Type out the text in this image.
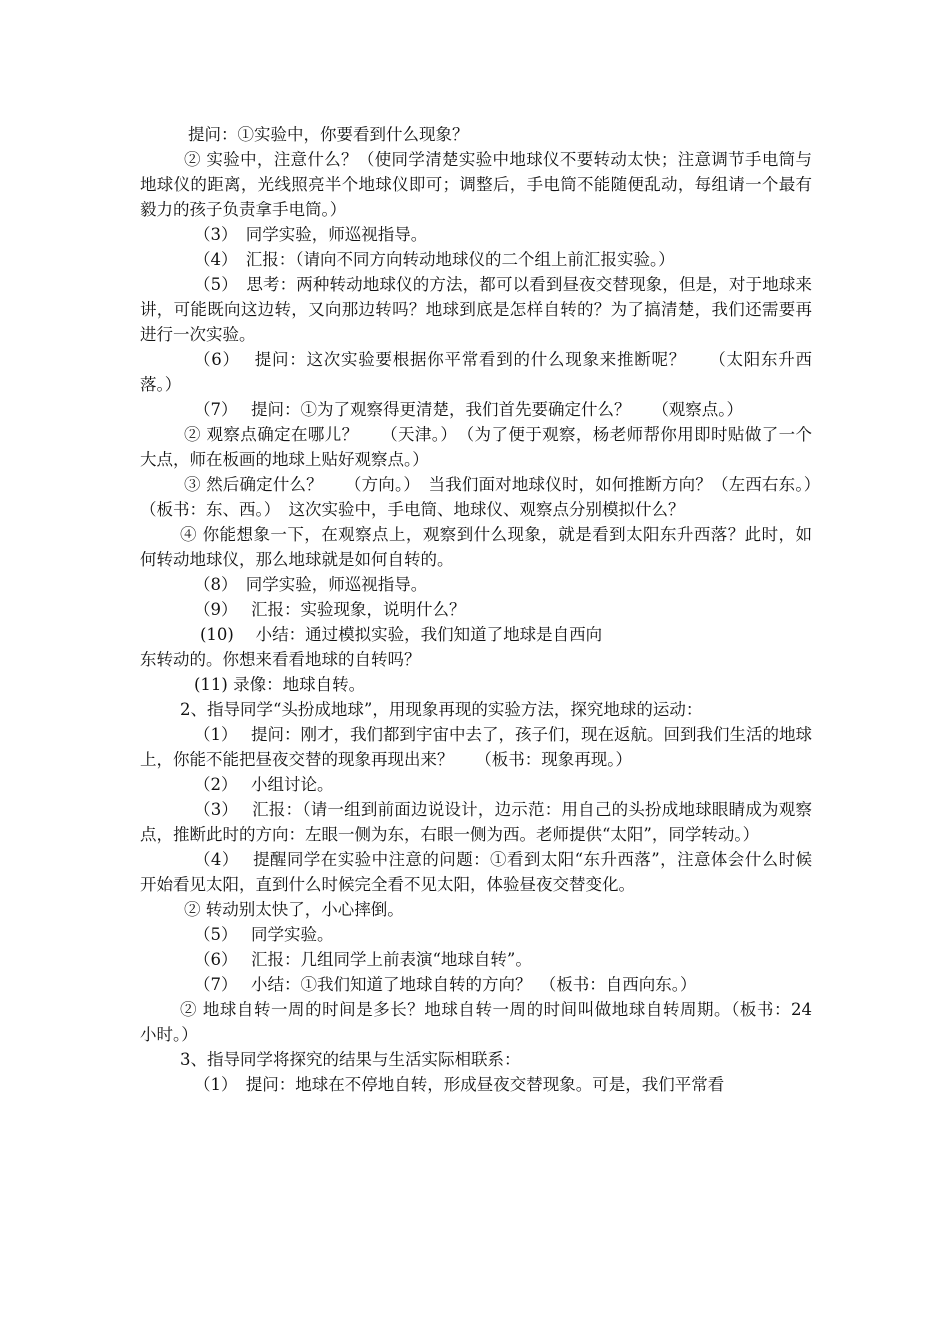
提问：①实验中，你要看到什么现象？

② 实验中，注意什么？（使同学清楚实验中地球仪不要转动太快；注意调节手电筒与地球仪的距离，光线照亮半个地球仪即可；调整后，手电筒不能随便乱动，每组请一个最有毅力的孩子负责拿手电筒。）

（3）　同学实验，师巡视指导。

（4）　汇报：（请向不同方向转动地球仪的二个组上前汇报实验。）

（5）　思考：两种转动地球仪的方法，都可以看到昼夜交替现象，但是，对于地球来讲，可能既向这边转，又向那边转吗？地球到底是怎样自转的？为了搞清楚，我们还需要再进行一次实验。

（6）　 提问：这次实验要根据你平常看到的什么现象来推断呢？　 （太阳东升西落。）

（7）　 提问：①为了观察得更清楚，我们首先要确定什么？　 （观察点。）

② 观察点确定在哪儿？　 （天津。）　（为了便于观察，杨老师帮你用即时贴做了一个大点，师在板画的地球上贴好观察点。）

③ 然后确定什么？　 （方向。）　当我们面对地球仪时，如何推断方向？（左西右东。）　（板书：东、西。）　这次实验中，手电筒、地球仪、观察点分别模拟什么？

④ 你能想象一下，在观察点上，观察到什么现象，就是看到太阳东升西落？此时，如何转动地球仪，那么地球就是如何自转的。

（8）　同学实验，师巡视指导。

（9）　 汇报：实验现象，说明什么？

(10)　 小结：通过模拟实验，我们知道了地球是自西向

东转动的。你想来看看地球的自转吗？

(11) 录像：地球自转。

2、指导同学“头扮成地球”，用现象再现的实验方法，探究地球的运动：

（1）　 提问：刚才，我们都到宇宙中去了，孩子们，现在返航。回到我们生活的地球上，你能不能把昼夜交替的现象再现出来？　 （板书：现象再现。）

（2）　 小组讨论。

（3）　 汇报：（请一组到前面边说设计，边示范：用自己的头扮成地球眼睛成为观察点，推断此时的方向：左眼一侧为东，右眼一侧为西。老师提供“太阳”，同学转动。）

（4）　 提醒同学在实验中注意的问题：①看到太阳“东升西落”，注意体会什么时候开始看见太阳，直到什么时候完全看不见太阳，体验昼夜交替变化。

② 转动别太快了，小心摔倒。

（5）　 同学实验。

（6）　 汇报：几组同学上前表演“地球自转”。

（7）　 小结：①我们知道了地球自转的方向？　（板书：自西向东。）

② 地球自转一周的时间是多长？地球自转一周的时间叫做地球自转周期。（板书：24 小时。）

3、指导同学将探究的结果与生活实际相联系：

（1）　提问：地球在不停地自转，形成昼夜交替现象。可是，我们平常看
